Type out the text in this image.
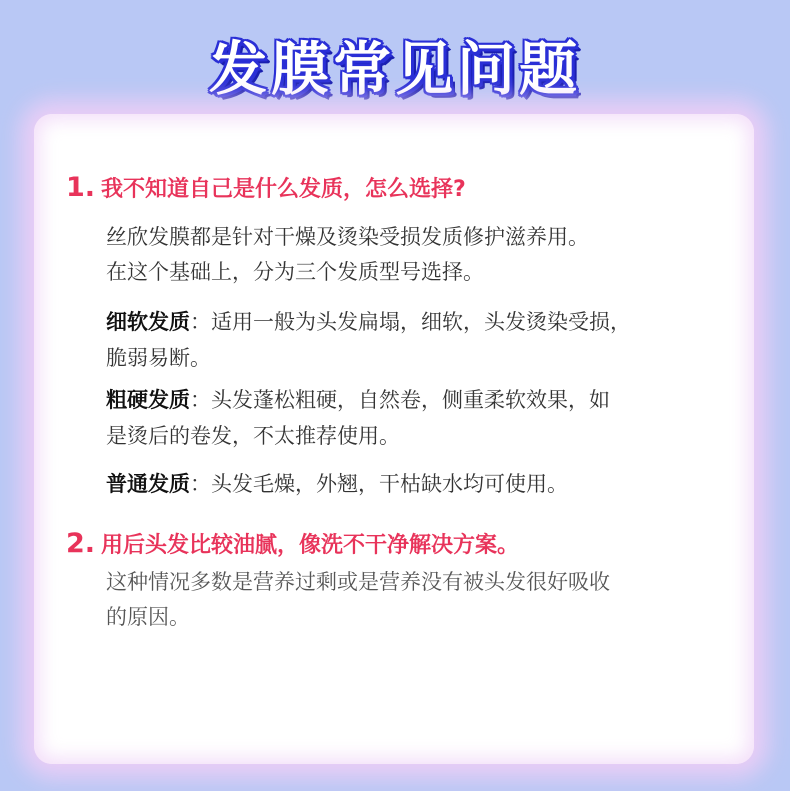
发膜常见问题
1. 我不知道自己是什么发质，怎么选择?
丝欣发膜都是针对干燥及烫染受损发质修护滋养用。
在这个基础上，分为三个发质型号选择。
细软发质：适用一般为头发扁塌，细软，头发烫染受损，
脆弱易断。
粗硬发质：头发蓬松粗硬，自然卷，侧重柔软效果，如
是烫后的卷发，不太推荐使用。
普通发质：头发毛燥，外翘，干枯缺水均可使用。
2. 用后头发比较油腻，像洗不干净解决方案。
这种情况多数是营养过剩或是营养没有被头发很好吸收
的原因。
